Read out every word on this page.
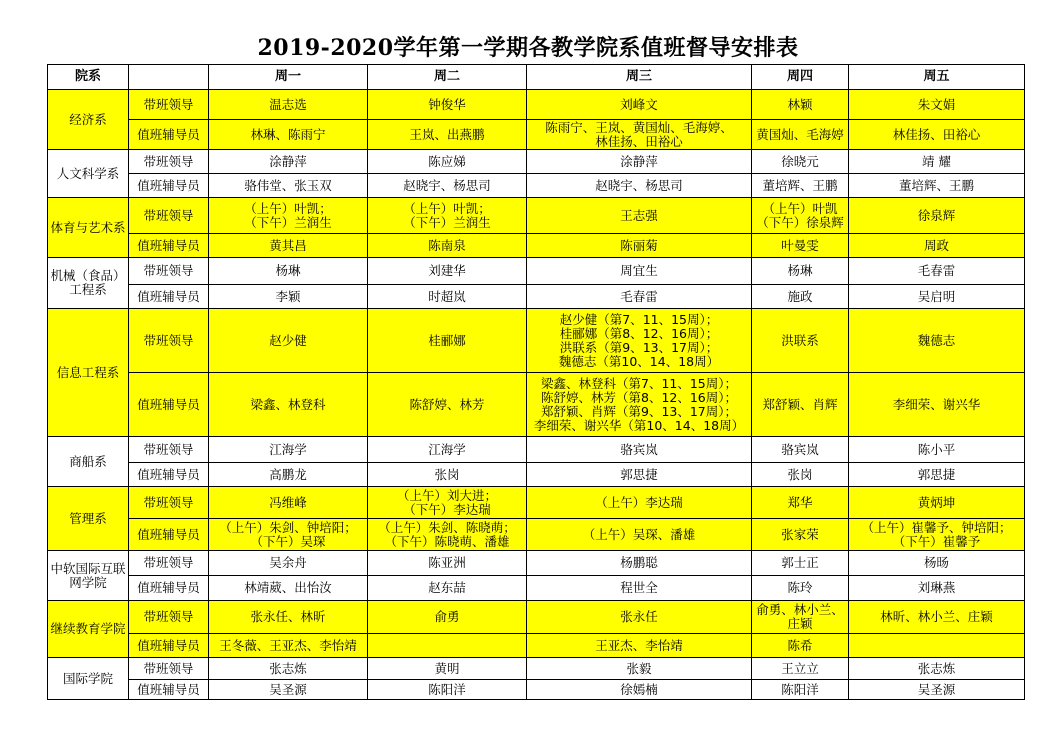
2019-2020学年第一学期各教学院系值班督导安排表
院系		周一	周二	周三	周四	周五
经济系	带班领导	温志选	钟俊华	刘峰文	林颖	朱文娟
	值班辅导员	林琳、陈雨宁	王岚、出燕鹏	陈雨宁、王岚、黄国灿、毛海婷、
林佳扬、田裕心	黄国灿、毛海婷	林佳扬、田裕心
人文科学系	带班领导	涂静萍	陈应娣	涂静萍	徐晓元	靖 耀
	值班辅导员	骆伟堂、张玉双	赵晓宇、杨思司	赵晓宇、杨思司	董培辉、王鹏	董培辉、王鹏
体育与艺术系	带班领导	（上午）叶凯；
（下午）兰润生	（上午）叶凯；
（下午）兰润生	王志强	（上午）叶凯
（下午）徐泉辉	徐泉辉
	值班辅导员	黄其昌	陈南泉	陈丽菊	叶曼雯	周政
机械（食品）工程系	带班领导	杨琳	刘建华	周宜生	杨琳	毛春雷
	值班辅导员	李颖	时超岚	毛春雷	施政	吴启明
信息工程系	带班领导	赵少健	桂郦娜	赵少健（第7、11、15周）；
桂郦娜（第8、12、16周）；
洪联系（第9、13、17周）；
魏德志（第10、14、18周）	洪联系	魏德志
	值班辅导员	梁鑫、林登科	陈舒婷、林芳	梁鑫、林登科（第7、11、15周）；
陈舒婷、林芳（第8、12、16周）；
郑舒颖、肖辉（第9、13、17周）；
李细荣、谢兴华（第10、14、18周）	郑舒颖、肖辉	李细荣、谢兴华
商船系	带班领导	江海学	江海学	骆宾岚	骆宾岚	陈小平
	值班辅导员	高鹏龙	张岗	郭思捷	张岗	郭思捷
管理系	带班领导	冯维峰	（上午）刘大进；
（下午）李达瑞	（上午）李达瑞	郑华	黄炳坤
	值班辅导员	（上午）朱剑、钟培阳；
（下午）吴琛	（上午）朱剑、陈晓萌；
（下午）陈晓萌、潘雄	（上午）吴琛、潘雄	张家荣	（上午）崔馨予、钟培阳；
（下午）崔馨予
中软国际互联网学院	带班领导	吴余舟	陈亚洲	杨鹏聪	郭士正	杨旸
	值班辅导员	林靖葳、出怡汝	赵东喆	程世全	陈玲	刘琳燕
继续教育学院	带班领导	张永任、林昕	俞勇	张永任	俞勇、林小兰、
庄颖	林昕、林小兰、庄颖
	值班辅导员	王冬薇、王亚杰、李怡靖		王亚杰、李怡靖	陈希	
国际学院	带班领导	张志炼	黄明	张毅	王立立	张志炼
	值班辅导员	吴圣源	陈阳洋	徐嫣楠	陈阳洋	吴圣源
